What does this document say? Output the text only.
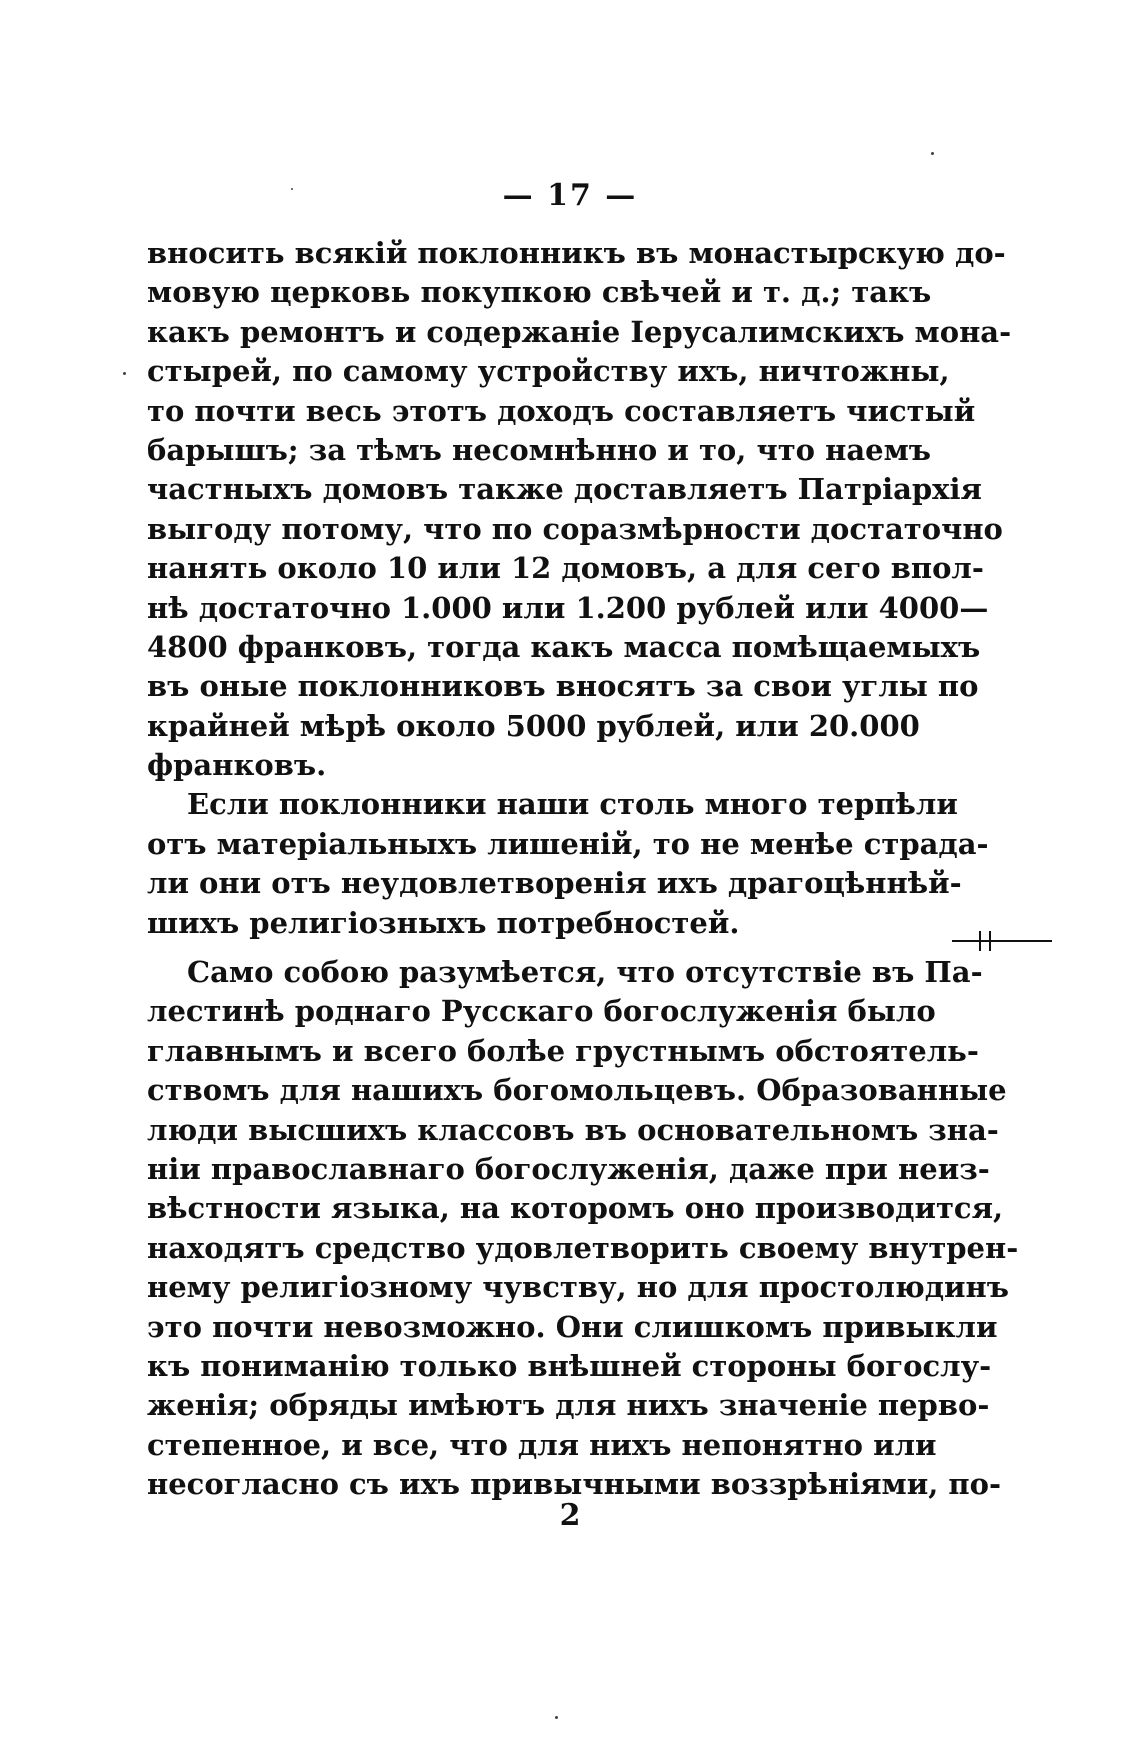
— 17 —
вносить всякій поклонникъ въ монастырскую до-
мовую церковь покупкою свѣчей и т. д.; такъ
какъ ремонтъ и содержаніе Іерусалимскихъ мона-
стырей, по самому устройству ихъ, ничтожны,
то почти весь этотъ доходъ составляетъ чистый
барышъ; за тѣмъ несомнѣнно и то, что наемъ
частныхъ домовъ также доставляетъ Патріархія
выгоду потому, что по соразмѣрности достаточно
нанять около 10 или 12 домовъ, а для сего впол-
нѣ достаточно 1.000 или 1.200 рублей или 4000—
4800 франковъ, тогда какъ масса помѣщаемыхъ
въ оные поклонниковъ вносятъ за свои углы по
крайней мѣрѣ около 5000 рублей, или 20.000
франковъ.
Если поклонники наши столь много терпѣли
отъ матеріальныхъ лишеній, то не менѣе страда-
ли они отъ неудовлетворенія ихъ драгоцѣннѣй-
шихъ религіозныхъ потребностей.
Само собою разумѣется, что отсутствіе въ Па-
лестинѣ роднаго Русскаго богослуженія было
главнымъ и всего болѣе грустнымъ обстоятель-
ствомъ для нашихъ богомольцевъ. Образованные
люди высшихъ классовъ въ основательномъ зна-
ніи православнаго богослуженія, даже при неиз-
вѣстности языка, на которомъ оно производится,
находятъ средство удовлетворить своему внутрен-
нему религіозному чувству, но для простолюдинъ
это почти невозможно. Они слишкомъ привыкли
къ пониманію только внѣшней стороны богослу-
женія; обряды имѣютъ для нихъ значеніе перво-
степенное, и все, что для нихъ непонятно или
несогласно съ ихъ привычными воззрѣніями, по-
2
